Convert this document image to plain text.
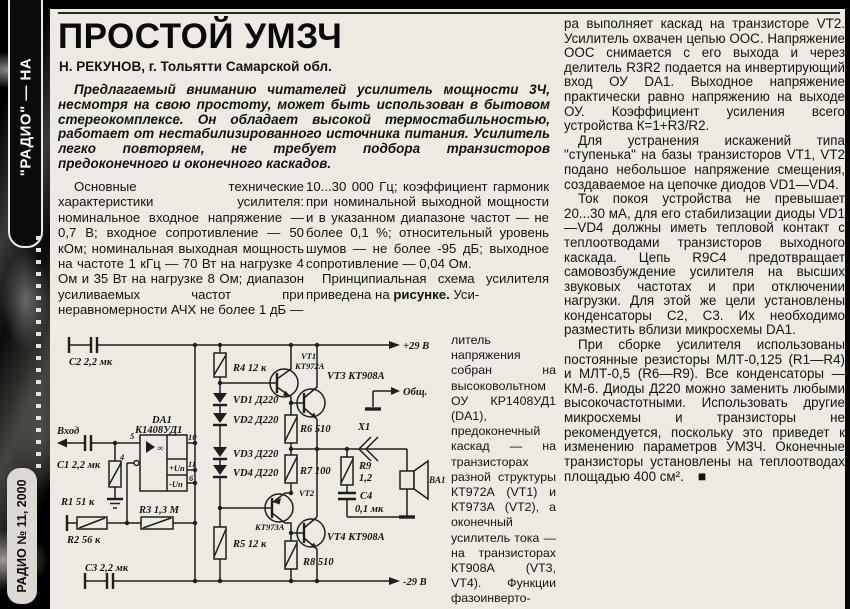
"РАДИО" — НА
РАДИО № 11, 2000
ПРОСТОЙ УМЗЧ
Н. РЕКУНОВ, г. Тольятти Самарской обл.
Предлагаемый вниманию читателей усилитель мощности 3Ч, несмотря на свою простоту, может быть использован в бытовом стереокомплексе. Он обладает высокой термостабильностью, работает от нестабилизированного источника питания. Усилитель легко повторяем, не требует подбора транзисторов предоконечного и оконечного каскадов.

Основные технические характеристики усилителя: номинальное входное напряжение — 0,7 В; входное сопротивление — 50 кОм; номинальная выходная мощность на частоте 1 кГц — 70 Вт на нагрузке 4 Ом и 35 Вт на нагрузке 8 Ом; диапазон усиливаемых частот при неравномерности АЧХ не более 1 дБ —

10...30 000 Гц; коэффициент гармоник при номинальной выходной мощности и в указанном диапазоне частот — не более 0,1 %; относительный уровень шумов — не более -95 дБ; выходное сопротивление — 0,04 Ом.

Принципиальная схема усилителя приведена на рисунке. Уси-

литель напряжения собран на высоковольтном ОУ КР1408УД1 (DA1), предоконечный каскад — на транзисторах разной структуры КТ972А (VT1) и КТ973А (VT2), а оконечный усилитель тока — на транзисторах КТ908А (VT3, VT4). Функции фазоинверто-

ра выполняет каскад на транзисторе VT2. Усилитель охвачен цепью ООС. Напряжение ООС снимается с его выхода и через делитель R3R2 подается на инвертирующий вход ОУ DA1. Выходное напряжение практически равно напряжению на выходе ОУ. Коэффициент усиления всего устройства К=1+R3/R2.

Для устранения искажений типа "ступенька" на базы транзисторов VT1, VT2 подано небольшое напряжение смещения, создаваемое на цепочке диодов VD1—VD4.

Ток покоя устройства не превышает 20...30 мА, для его стабилизации диоды VD1—VD4 должны иметь тепловой контакт с теплоотводами транзисторов выходного каскада. Цепь R9C4 предотвращает самовозбуждение усилителя на высших звуковых частотах и при отключении нагрузки. Для этой же цели установлены конденсаторы С2, С3. Их необходимо разместить вблизи микросхемы DA1.

При сборке усилителя использованы постоянные резисторы МЛТ-0,125 (R1—R4) и МЛТ-0,5 (R6—R9). Все конденсаторы — КМ-6. Диоды Д220 можно заменить любыми высокочастотными. Использовать другие микросхемы и транзисторы не рекомендуется, поскольку это приведет к изменению параметров УМЗЧ. Оконечные транзисторы установлены на теплоотводах площадью 400 см². ■

+29 В
C2 2,2 мк
R4 12 к
VD1 Д220
VD2 Д220
VD3 Д220
VD4 Д220
R5 12 к
VT1
КТ972А
R6 510
R7 100
VT2
КТ973А
R8 510
VT3 КТ908А
VT4 КТ908А
Общ.
X1
BA1
R9
1,2
C4
0,1 мк
∞
+Uп
-Uп
DA1
К1408УД1
Вход
C1 2,2 мк
R1 51 к
5
4
10
11
6
R2 56 к
R3 1,3 М
-29 В
C3 2,2 мк
